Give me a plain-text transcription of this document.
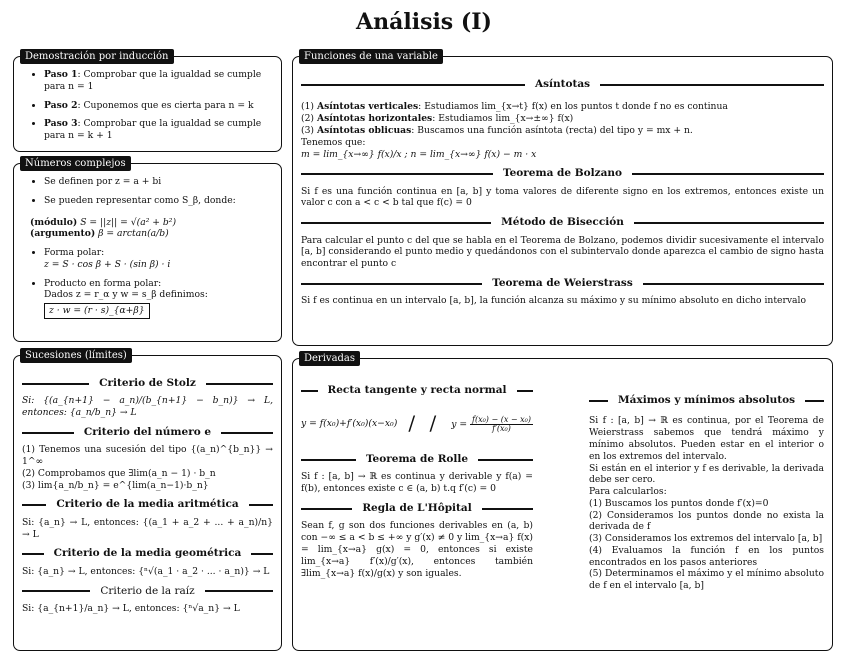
Análisis (I)
Demostración por inducción
• Paso 1: Comprobar que la igualdad se cumple para n = 1
• Paso 2: Cuponemos que es cierta para n = k
• Paso 3: Comprobar que la igualdad se cumple para n = k + 1
Números complejos
• Se definen por z = a + bi
• Se pueden representar como S_β, donde:
(módulo) S = ||z|| = √(a² + b²)
(argumento) β = arctan(a/b)
• Forma polar:
z = S · cos β + S · (sin β) · i
• Producto en forma polar:
Dados z = r_α y w = s_β definimos:
z · w = (r · s)_{α+β}
Sucesiones (límites)
Criterio de Stolz

Si: {(a_{n+1} − a_n)/(b_{n+1} − b_n)} → L, entonces: {a_n/b_n} → L

Criterio del número e

(1) Tenemos una sucesión del tipo {(a_n)^{b_n}} → 1^∞

(2) Comprobamos que ∃lim(a_n − 1) · b_n

(3) lim{a_n/b_n} = e^{lim(a_n−1)·b_n}

Criterio de la media aritmética

Si: {a_n} → L, entonces: {(a_1 + a_2 + ... + a_n)/n} → L

Criterio de la media geométrica

Si: {a_n} → L, entonces: {ⁿ√(a_1 · a_2 · ... · a_n)} → L

Criterio de la raíz

Si: {a_{n+1}/a_n} → L, entonces: {ⁿ√a_n} → L

Funciones de una variable
Asíntotas

(1) Asíntotas verticales: Estudiamos lim_{x→t} f(x) en los puntos t donde f no es continua

(2) Asíntotas horizontales: Estudiamos lim_{x→±∞} f(x)

(3) Asíntotas oblicuas: Buscamos una función asíntota (recta) del tipo y = mx + n.

Tenemos que:

m = lim_{x→∞} f(x)/x ; n = lim_{x→∞} f(x) − m · x

Teorema de Bolzano

Si f es una función continua en [a, b] y toma valores de diferente signo en los extremos, entonces existe un valor c con a < c < b tal que f(c) = 0

Método de Bisección

Para calcular el punto c del que se habla en el Teorema de Bolzano, podemos dividir sucesivamente el intervalo [a, b] considerando el punto medio y quedándonos con el subintervalo donde aparezca el cambio de signo hasta encontrar el punto c

Teorema de Weierstrass

Si f es continua en un intervalo [a, b], la función alcanza su máximo y su mínimo absoluto en dicho intervalo

Derivadas
Recta tangente y recta normal
y = f(x₀)+f′(x₀)(x−x₀) / / $y = \frac{\text{f(x₀) − (x − x₀)}}{\text{f′(x₀)}}$
Teorema de Rolle

Si f : [a, b] → ℝ es continua y derivable y f(a) = f(b), entonces existe c ∈ (a, b) t.q f′(c) = 0

Regla de L'Hôpital

Sean f, g son dos funciones derivables en (a, b) con −∞ ≤ a < b ≤ +∞ y g′(x) ≠ 0 y lim_{x→a} f(x) = lim_{x→a} g(x) = 0, entonces si existe lim_{x→a} f′(x)/g′(x), entonces también ∃lim_{x→a} f(x)/g(x) y son iguales.

Máximos y mínimos absolutos

Si f : [a, b] → ℝ es continua, por el Teorema de Weierstrass sabemos que tendrá máximo y mínimo absolutos. Pueden estar en el interior o en los extremos del intervalo.

Si están en el interior y f es derivable, la derivada debe ser cero.

Para calcularlos:

(1) Buscamos los puntos donde f′(x)=0

(2) Consideramos los puntos donde no exista la derivada de f

(3) Consideramos los extremos del intervalo [a, b]

(4) Evaluamos la función f en los puntos encontrados en los pasos anteriores

(5) Determinamos el máximo y el mínimo absoluto de f en el intervalo [a, b]
